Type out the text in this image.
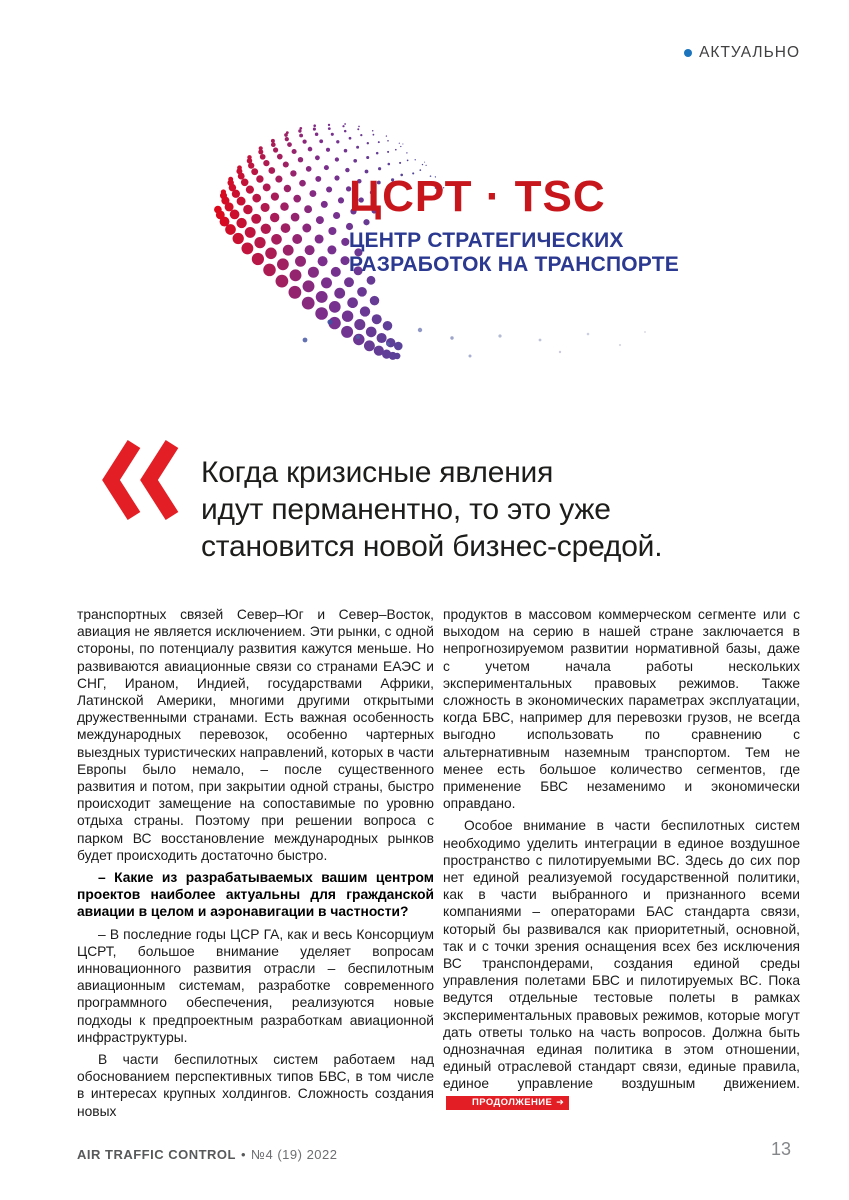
АКТУАЛЬНО
ЦСРТ · TSC
ЦЕНТР СТРАТЕГИЧЕСКИХ
РАЗРАБОТОК НА ТРАНСПОРТЕ
Когда кризисные явления
идут перманентно, то это уже
становится новой бизнес-средой.

транспортных связей Север–Юг и Север–Восток, авиация не является исключением. Эти рынки, с одной стороны, по потенциалу развития кажутся меньше. Но развиваются авиационные связи со странами ЕАЭС и СНГ, Ираном, Индией, государствами Африки, Латинской Америки, многими другими открытыми дружественными странами. Есть важная особенность международных перевозок, особенно чартерных выездных туристических направлений, которых в части Европы было немало, – после существенного развития и потом, при закрытии одной страны, быстро происходит замещение на сопоставимые по уровню отдыха страны. Поэтому при решении вопроса с парком ВС восстановление международных рынков будет происходить достаточно быстро.

– Какие из разрабатываемых вашим центром проектов наиболее актуальны для гражданской авиации в целом и аэронавигации в частности?

– В последние годы ЦСР ГА, как и весь Консорциум ЦСРТ, большое внимание уделяет вопросам инновационного развития отрасли – беспилотным авиационным системам, разработке современного программного обеспечения, реализуются новые подходы к предпроектным разработкам авиационной инфраструктуры.

В части беспилотных систем работаем над обоснованием перспективных типов БВС, в том числе в интересах крупных холдингов. Сложность создания новых

продуктов в массовом коммерческом сегменте или с выходом на серию в нашей стране заключается в непрогнозируемом развитии нормативной базы, даже с учетом начала работы нескольких экспериментальных правовых режимов. Также сложность в экономических параметрах эксплуатации, когда БВС, например для перевозки грузов, не всегда выгодно использовать по сравнению с альтернативным наземным транспортом. Тем не менее есть большое количество сегментов, где применение БВС незаменимо и экономически оправдано.

Особое внимание в части беспилотных систем необходимо уделить интеграции в единое воздушное пространство с пилотируемыми ВС. Здесь до сих пор нет единой реализуемой государственной политики, как в части выбранного и признанного всеми компаниями – операторами БАС стандарта связи, который бы развивался как приоритетный, основной, так и с точки зрения оснащения всех без исключения ВС транспондерами, создания единой среды управления полетами БВС и пилотируемых ВС. Пока ведутся отдельные тестовые полеты в рамках экспериментальных правовых режимов, которые могут дать ответы только на часть вопросов. Должна быть однозначная единая политика в этом отношении, единый отраслевой стандарт связи, единые правила, единое управление воздушным движением.ПРОДОЛЖЕНИЕ ➔

AIR TRAFFIC CONTROL • №4 (19) 2022	13
